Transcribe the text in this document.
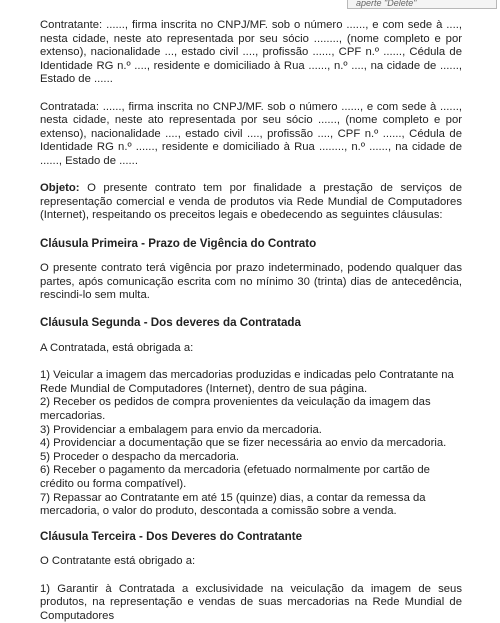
aperte "Delete"

Contratante: ......, firma inscrita no CNPJ/MF. sob o número ......, e com sede à ...., nesta cidade, neste ato representada por seu sócio ........, (nome completo e por extenso), nacionalidade ..., estado civil ...., profissão ......, CPF n.º ......, Cédula de Identidade RG n.º ...., residente e domiciliado à Rua ......, n.º ...., na cidade de ......, Estado de ......

Contratada: ......, firma inscrita no CNPJ/MF. sob o número ......, e com sede à ......, nesta cidade, neste ato representada por seu sócio ......, (nome completo e por extenso), nacionalidade ...., estado civil ...., profissão ...., CPF n.º ......, Cédula de Identidade RG n.º ......, residente e domiciliado à Rua ........, n.º ......, na cidade de ......, Estado de ......

Objeto: O presente contrato tem por finalidade a prestação de serviços de representação comercial e venda de produtos via Rede Mundial de Computadores (Internet), respeitando os preceitos legais e obedecendo as seguintes cláusulas:

Cláusula Primeira - Prazo de Vigência do Contrato

O presente contrato terá vigência por prazo indeterminado, podendo qualquer das partes, após comunicação escrita com no mínimo 30 (trinta) dias de antecedência, rescindi-lo sem multa.

Cláusula Segunda - Dos deveres da Contratada

A Contratada, está obrigada a:

1) Veicular a imagem das mercadorias produzidas e indicadas pelo Contratante na Rede Mundial de Computadores (Internet), dentro de sua página.

2) Receber os pedidos de compra provenientes da veiculação da imagem das mercadorias.

3) Providenciar a embalagem para envio da mercadoria.

4) Providenciar a documentação que se fizer necessária ao envio da mercadoria.

5) Proceder o despacho da mercadoria.

6) Receber o pagamento da mercadoria (efetuado normalmente por cartão de crédito ou forma compatível).

7) Repassar ao Contratante em até 15 (quinze) dias, a contar da remessa da mercadoria, o valor do produto, descontada a comissão sobre a venda.

Cláusula Terceira - Dos Deveres do Contratante

O Contratante está obrigado a:

1) Garantir à Contratada a exclusividade na veiculação da imagem de seus produtos, na representação e vendas de suas mercadorias na Rede Mundial de Computadores
